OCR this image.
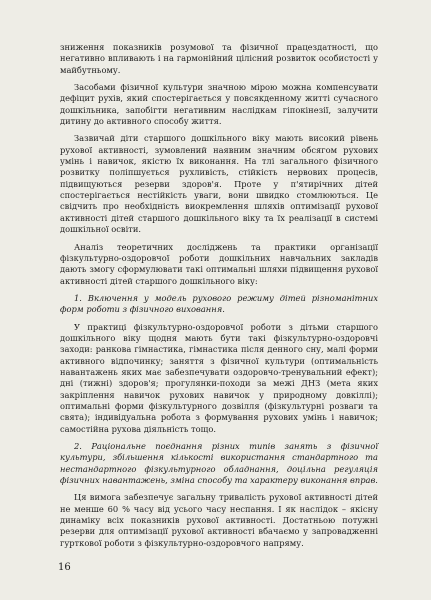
зниження показників розумової та фізичної працездатності, що негативно впливають і на гармонійний цілісний розвиток особистості у майбутньому.

Засобами фізичної культури значною мірою можна компенсувати дефіцит рухів, який спостерігається у повсякденному житті сучасного дошкільника, запобігти негативним наслідкам гіпокінезії, залучити дитину до активного способу життя.

Зазвичай діти старшого дошкільного віку мають високий рівень рухової активності, зумовлений наявним значним обсягом рухових умінь і навичок, якістю їх виконання. На тлі загального фізичного розвитку поліпшується рухливість, стійкість нервових процесів, підвищуються резерви здоров'я. Проте у п'ятирічних дітей спостерігається нестійкість уваги, вони швидко стомлюються. Це свідчить про необхідність виокремлення шляхів оптимізації рухової активності дітей старшого дошкільного віку та їх реалізації в системі дошкільної освіти.

Аналіз теоретичних досліджень та практики організації фізкультурно-оздоровчої роботи дошкільних навчальних закладів дають змогу сформулювати такі оптимальні шляхи підвищення рухової активності дітей старшого дошкільного віку:

1. Включення у модель рухового режиму дітей різноманітних форм роботи з фізичного виховання.

У практиці фізкультурно-оздоровчої роботи з дітьми старшого дошкільного віку щодня мають бути такі фізкультурно-оздоровчі заходи: ранкова гімнастика, гімнастика після денного сну, малі форми активного відпочинку; заняття з фізичної культури (оптимальність навантажень яких має забезпечувати оздоровчо-тренувальний ефект); дні (тижні) здоров'я; прогулянки-походи за межі ДНЗ (мета яких закріплення навичок рухових навичок у природному довкіллі); оптимальні форми фізкультурного дозвілля (фізкультурні розваги та свята); індивідуальна робота з формування рухових умінь і навичок; самостійна рухова діяльність тощо.

2. Раціональне поєднання різних типів занять з фізичної культури, збільшення кількості використання стандартного та нестандартного фізкультурного обладнання, доцільна регуляція фізичних навантажень, зміна способу та характеру виконання вправ.

Ця вимога забезпечує загальну тривалість рухової активності дітей не менше 60 % часу від усього часу неспання. І як наслідок – якісну динаміку всіх показників рухової активності. Достатньою потужні резерви для оптимізації рухової активності вбачаємо у запровадженні гурткової роботи з фізкультурно-оздоровчого напряму.

16
